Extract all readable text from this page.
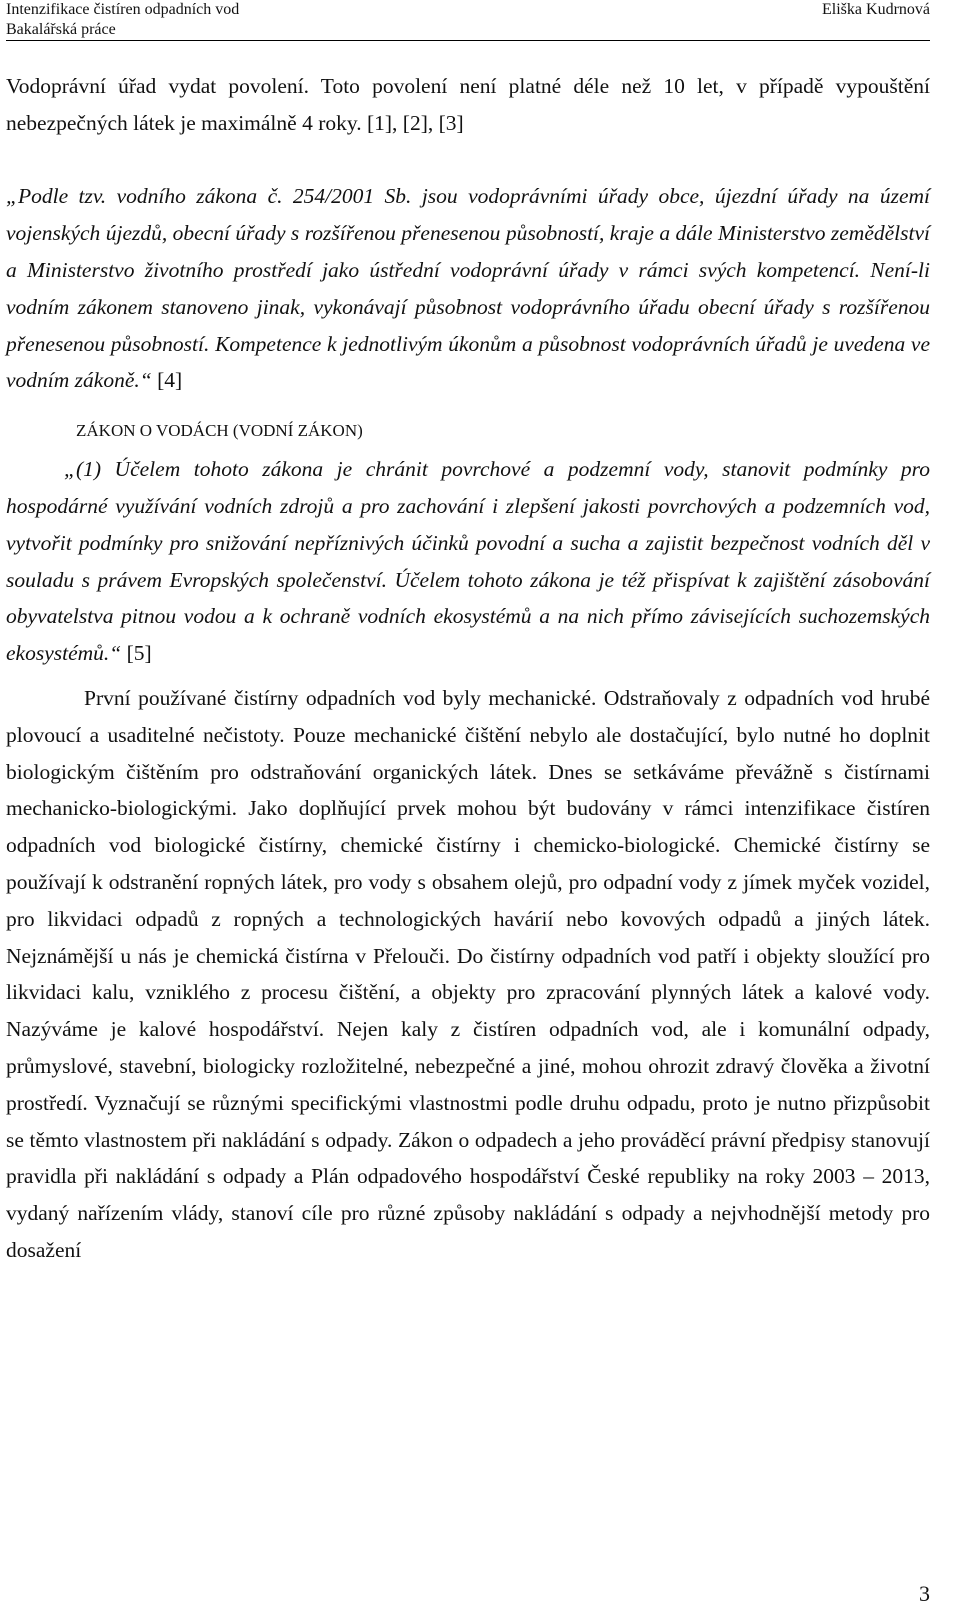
Intenzifikace čistíren odpadních vod
Bakalářská práce
Eliška Kudrnová

Vodoprávní úřad vydat povolení. Toto povolení není platné déle než 10 let, v případě vypouštění nebezpečných látek je maximálně 4 roky. [1], [2], [3]

„Podle tzv. vodního zákona č. 254/2001 Sb. jsou vodoprávními úřady obce, újezdní úřady na území vojenských újezdů, obecní úřady s rozšířenou přenesenou působností, kraje a dále Ministerstvo zemědělství a Ministerstvo životního prostředí jako ústřední vodoprávní úřady v rámci svých kompetencí. Není-li vodním zákonem stanoveno jinak, vykonávají působnost vodoprávního úřadu obecní úřady s rozšířenou přenesenou působností. Kompetence k jednotlivým úkonům a působnost vodoprávních úřadů je uvedena ve vodním zákoně.“ [4]

ZÁKON O VODÁCH (VODNÍ ZÁKON)

„(1) Účelem tohoto zákona je chránit povrchové a podzemní vody, stanovit podmínky pro hospodárné využívání vodních zdrojů a pro zachování i zlepšení jakosti povrchových a podzemních vod, vytvořit podmínky pro snižování nepříznivých účinků povodní a sucha a zajistit bezpečnost vodních děl v souladu s právem Evropských společenství. Účelem tohoto zákona je též přispívat k zajištění zásobování obyvatelstva pitnou vodou a k ochraně vodních ekosystémů a na nich přímo závisejících suchozemských ekosystémů.“ [5]

První používané čistírny odpadních vod byly mechanické. Odstraňovaly z odpadních vod hrubé plovoucí a usaditelné nečistoty. Pouze mechanické čištění nebylo ale dostačující, bylo nutné ho doplnit biologickým čištěním pro odstraňování organických látek. Dnes se setkáváme převážně s čistírnami mechanicko-biologickými. Jako doplňující prvek mohou být budovány v rámci intenzifikace čistíren odpadních vod biologické čistírny, chemické čistírny i chemicko-biologické. Chemické čistírny se používají k odstranění ropných látek, pro vody s obsahem olejů, pro odpadní vody z jímek myček vozidel, pro likvidaci odpadů z ropných a technologických havárií nebo kovových odpadů a jiných látek. Nejznámější u nás je chemická čistírna v Přelouči. Do čistírny odpadních vod patří i objekty sloužící pro likvidaci kalu, vzniklého z procesu čištění, a objekty pro zpracování plynných látek a kalové vody. Nazýváme je kalové hospodářství. Nejen kaly z čistíren odpadních vod, ale i komunální odpady, průmyslové, stavební, biologicky rozložitelné, nebezpečné a jiné, mohou ohrozit zdravý člověka a životní prostředí. Vyznačují se různými specifickými vlastnostmi podle druhu odpadu, proto je nutno přizpůsobit se těmto vlastnostem při nakládání s odpady. Zákon o odpadech a jeho prováděcí právní předpisy stanovují pravidla při nakládání s odpady a Plán odpadového hospodářství České republiky na roky 2003 – 2013, vydaný nařízením vlády, stanoví cíle pro různé způsoby nakládání s odpady a nejvhodnější metody pro dosažení

3
